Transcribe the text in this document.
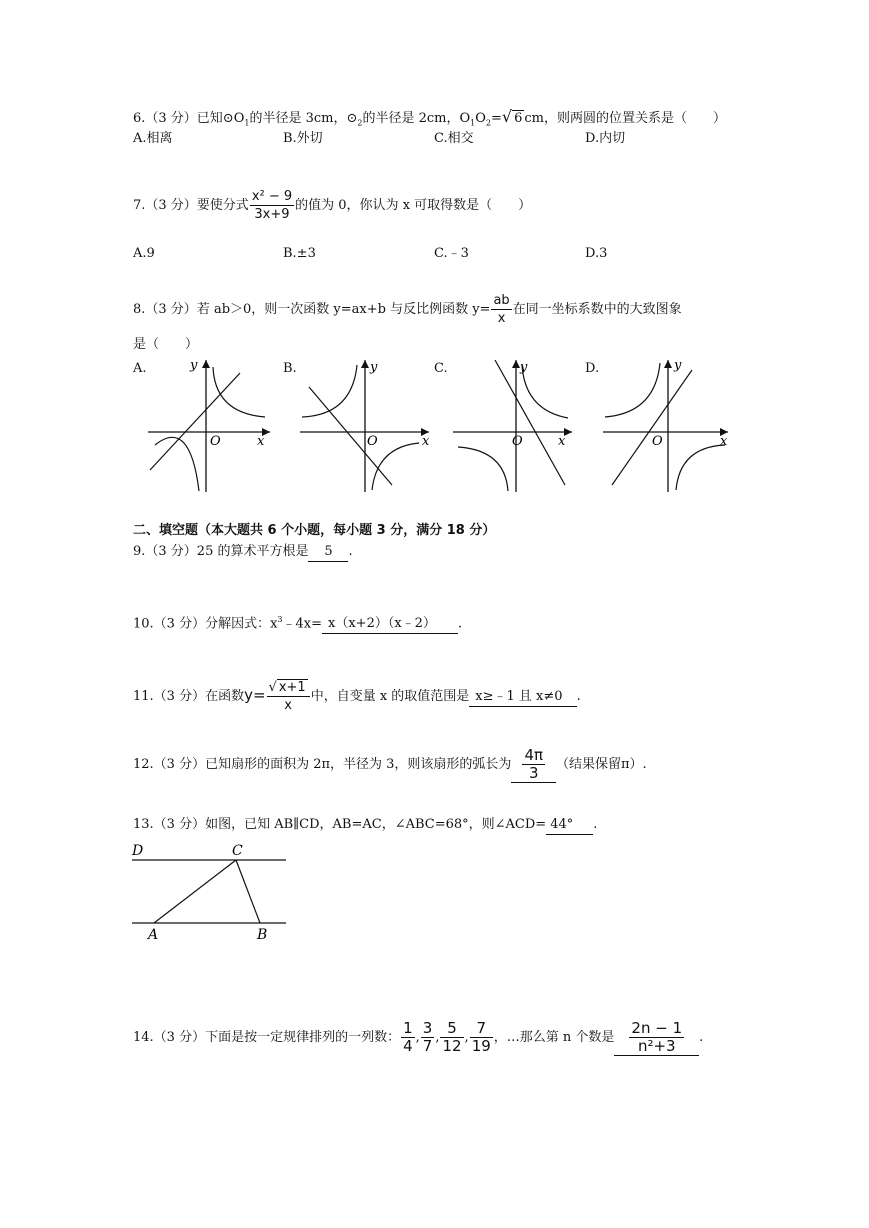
6.（3 分）已知$⊙O_1$的半径是 3cm，$⊙_2$的半径是 2cm，$O_1O_2=√$ 6 cm，则两圆的位置关系是（　　）
A.相离	B.外切	C.相交	D.内切
7.（3 分）要使分式 $\frac{\text{x² − 9}}{3x+9}$ 的值为 0，你认为 x 可取得数是（　　）
A.9	B.±3	C.﹣3	D.3
8.（3 分）若 ab＞0，则一次函数 y=ax+b 与反比例函数 $y= \frac{ab}{x}$ 在同一坐标系数中的大致图象
是（　　）
A.	B.	C.	D.
y
x
O
y
x
O
y
x
O
y
x
O
二、填空题（本大题共 6 个小题，每小题 3 分，满分 18 分）
9.（3 分）25 的算术平方根是 5 .
10.（3 分）分解因式：$x^3﹣4x=$ x（x+2）（x﹣2） .
11.（3 分）在函数$y= \frac{√ x+1}{x}$ 中，自变量 x 的取值范围是 x≥﹣1 且 x≠0 .
12.（3 分）已知扇形的面积为 2π，半径为 3，则该扇形的弧长为 $\frac{4\pi}{3}$ （结果保留π）.
13.（3 分）如图，已知 AB∥CD，AB=AC，∠ABC=68°，则∠ACD= 44° .
D	C
A	B
14.（3 分）下面是按一定规律排列的一列数： $\frac{1}{4}$ , $\frac{3}{7}$ , $\frac{5}{12}$ , $\frac{7}{19}$ ，…那么第 n 个数是 $\frac{2n - 1}{\text{n²+3}}$ .
